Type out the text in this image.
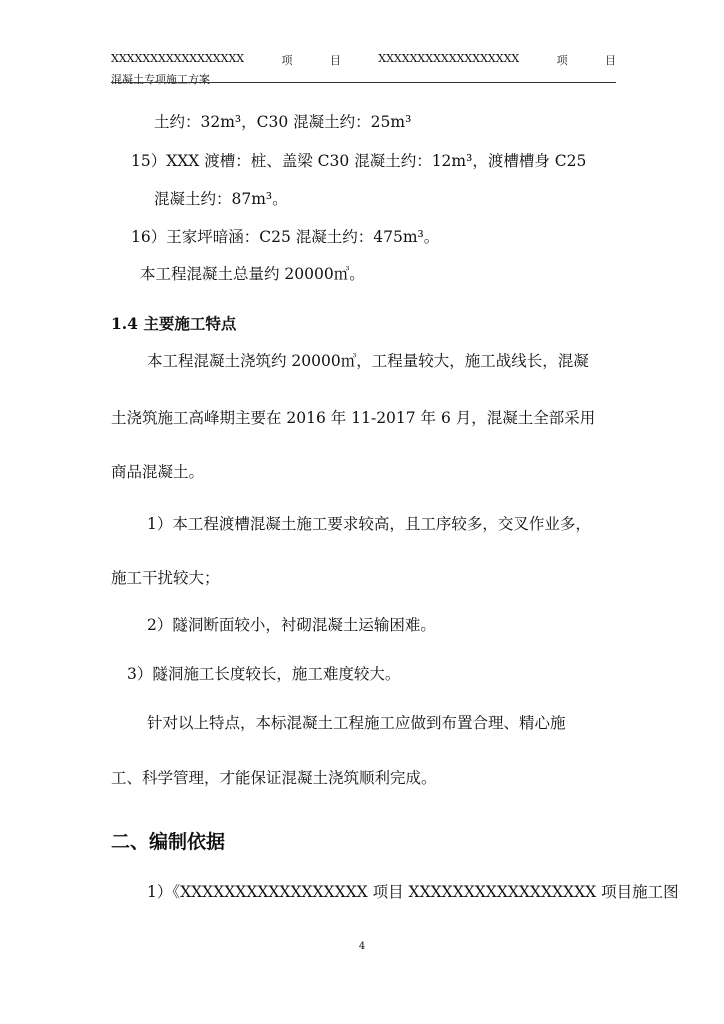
XXXXXXXXXXXXXXXXX	项	目	XXXXXXXXXXXXXXXXXX	项	目
混凝土专项施工方案
土约：32m³，C30 混凝土约：25m³
15）XXX 渡槽：桩、盖梁 C30 混凝土约：12m³，渡槽槽身 C25
混凝土约：87m³。
16）王家坪暗涵：C25 混凝土约：475m³。
本工程混凝土总量约 20000㎥。
1.4 主要施工特点
本工程混凝土浇筑约 20000㎥，工程量较大，施工战线长，混凝
土浇筑施工高峰期主要在 2016 年 11-2017 年 6 月，混凝土全部采用
商品混凝土。
1）本工程渡槽混凝土施工要求较高，且工序较多，交叉作业多，
施工干扰较大；
2）隧洞断面较小，衬砌混凝土运输困难。
3）隧洞施工长度较长，施工难度较大。
针对以上特点，本标混凝土工程施工应做到布置合理、精心施
工、科学管理，才能保证混凝土浇筑顺利完成。
二、编制依据
1）《XXXXXXXXXXXXXXXXX 项目 XXXXXXXXXXXXXXXXX 项目施工图
4
